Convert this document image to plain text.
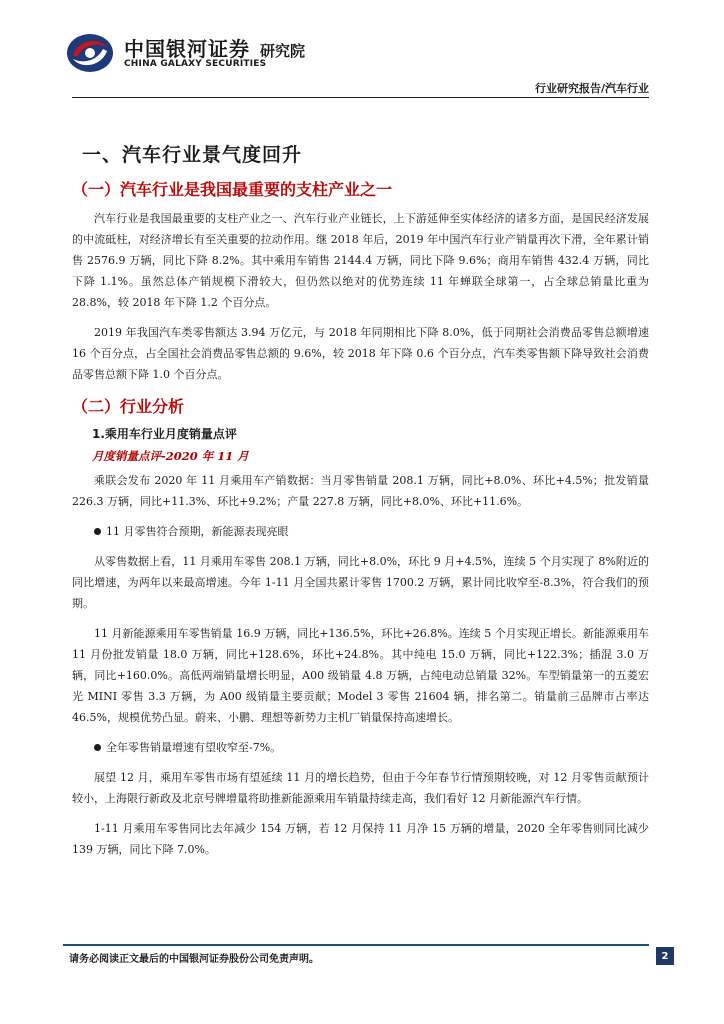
中国银河证券
CHINA GALAXY SECURITIES
研究院
行业研究报告/汽车行业
一、汽车行业景气度回升
（一）汽车行业是我国最重要的支柱产业之一

汽车行业是我国最重要的支柱产业之一、汽车行业产业链长，上下游延伸至实体经济的诸多方面，是国民经济发展的中流砥柱，对经济增长有至关重要的拉动作用。继 2018 年后，2019 年中国汽车行业产销量再次下滑，全年累计销售 2576.9 万辆，同比下降 8.2%。其中乘用车销售 2144.4 万辆，同比下降 9.6%；商用车销售 432.4 万辆，同比下降 1.1%。虽然总体产销规模下滑较大，但仍然以绝对的优势连续 11 年蝉联全球第一，占全球总销量比重为 28.8%，较 2018 年下降 1.2 个百分点。

2019 年我国汽车类零售额达 3.94 万亿元，与 2018 年同期相比下降 8.0%，低于同期社会消费品零售总额增速 16 个百分点，占全国社会消费品零售总额的 9.6%，较 2018 年下降 0.6 个百分点，汽车类零售额下降导致社会消费品零售总额下降 1.0 个百分点。

（二）行业分析
1.乘用车行业月度销量点评
月度销量点评-2020 年 11 月

乘联会发布 2020 年 11 月乘用车产销数据：当月零售销量 208.1 万辆，同比+8.0%、环比+4.5%；批发销量 226.3 万辆，同比+11.3%、环比+9.2%；产量 227.8 万辆，同比+8.0%、环比+11.6%。

11 月零售符合预期，新能源表现亮眼

从零售数据上看，11 月乘用车零售 208.1 万辆，同比+8.0%，环比 9 月+4.5%，连续 5 个月实现了 8%附近的同比增速，为两年以来最高增速。今年 1-11 月全国共累计零售 1700.2 万辆，累计同比收窄至-8.3%，符合我们的预期。

11 月新能源乘用车零售销量 16.9 万辆，同比+136.5%，环比+26.8%。连续 5 个月实现正增长。新能源乘用车 11 月份批发销量 18.0 万辆，同比+128.6%，环比+24.8%。其中纯电 15.0 万辆，同比+122.3%；插混 3.0 万辆，同比+160.0%。高低两端销量增长明显，A00 级销量 4.8 万辆，占纯电动总销量 32%。车型销量第一的五菱宏光 MINI 零售 3.3 万辆，为 A00 级销量主要贡献；Model 3 零售 21604 辆，排名第二。销量前三品牌市占率达 46.5%，规模优势凸显。蔚来、小鹏、理想等新势力主机厂销量保持高速增长。

全年零售销量增速有望收窄至-7%。

展望 12 月，乘用车零售市场有望延续 11 月的增长趋势，但由于今年春节行情预期较晚，对 12 月零售贡献预计较小，上海限行新政及北京号牌增量将助推新能源乘用车销量持续走高，我们看好 12 月新能源汽车行情。

1-11 月乘用车零售同比去年减少 154 万辆，若 12 月保持 11 月净 15 万辆的增量，2020 全年零售则同比减少 139 万辆，同比下降 7.0%。

请务必阅读正文最后的中国银河证券股份公司免责声明。	2
